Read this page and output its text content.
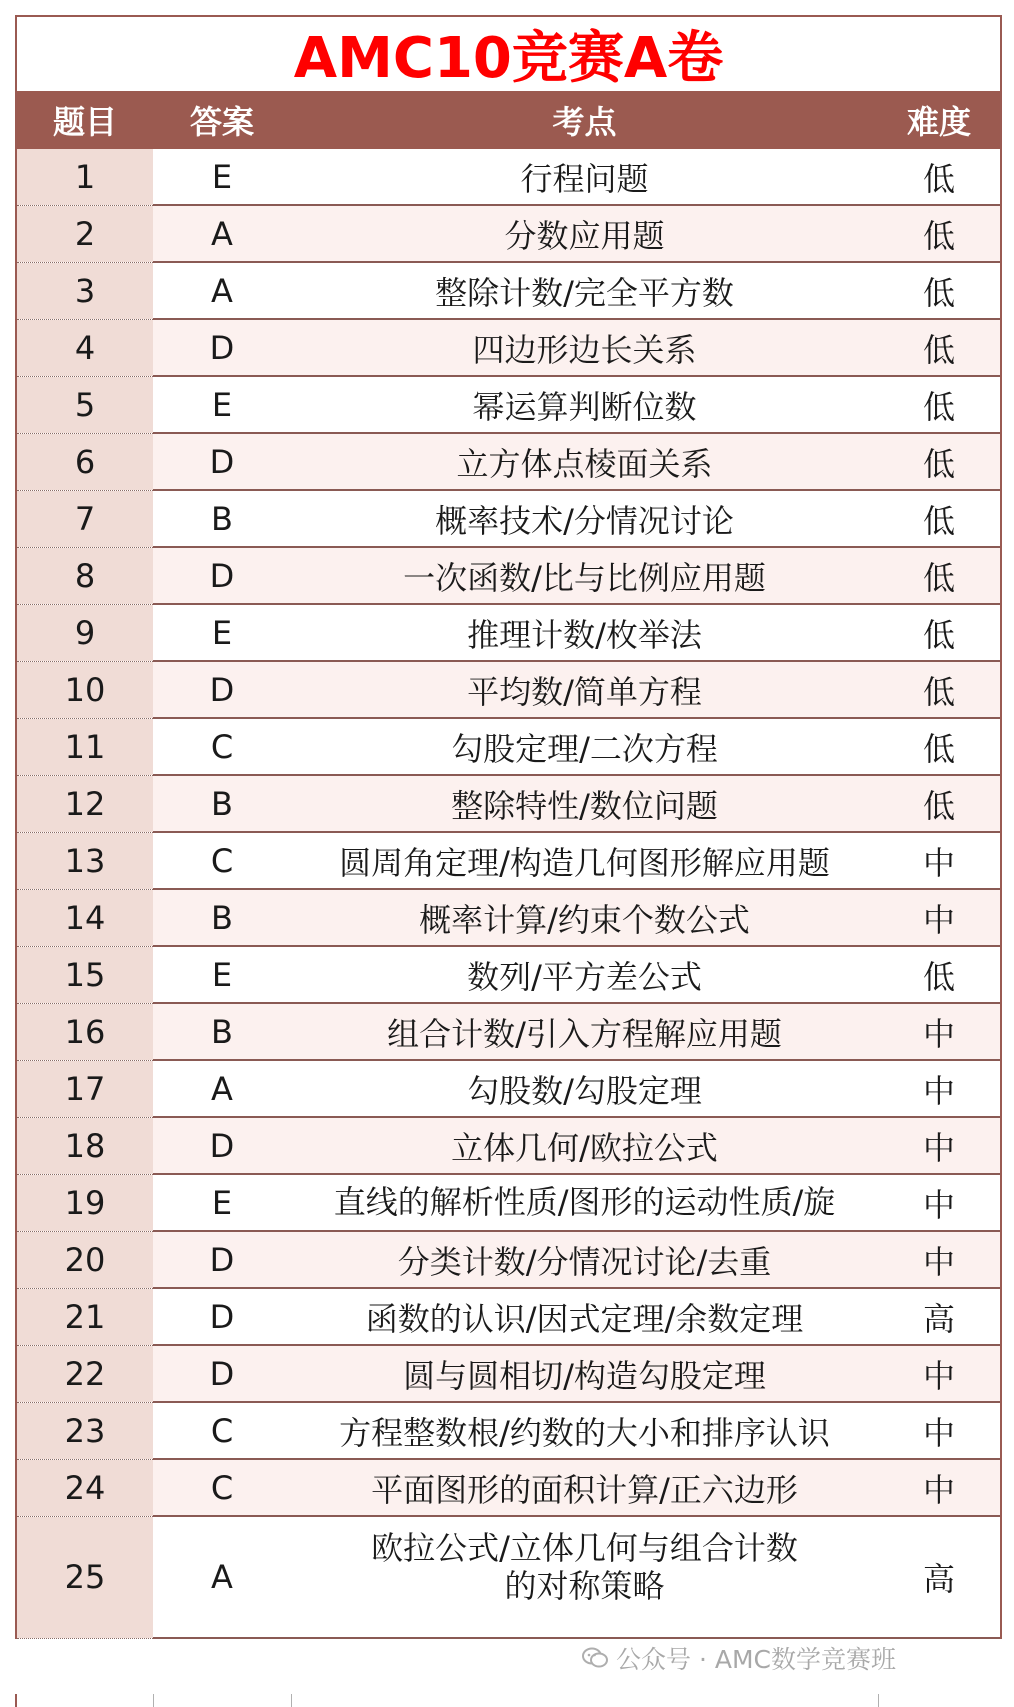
AMC10竞赛A卷
题目	答案	考点	难度
1	E	行程问题	低
2	A	分数应用题	低
3	A	整除计数/完全平方数	低
4	D	四边形边长关系	低
5	E	幂运算判断位数	低
6	D	立方体点棱面关系	低
7	B	概率技术/分情况讨论	低
8	D	一次函数/比与比例应用题	低
9	E	推理计数/枚举法	低
10	D	平均数/简单方程	低
11	C	勾股定理/二次方程	低
12	B	整除特性/数位问题	低
13	C	圆周角定理/构造几何图形解应用题	中
14	B	概率计算/约束个数公式	中
15	E	数列/平方差公式	低
16	B	组合计数/引入方程解应用题	中
17	A	勾股数/勾股定理	中
18	D	立体几何/欧拉公式	中
19	E	直线的解析性质/图形的运动性质/旋	中
20	D	分类计数/分情况讨论/去重	中
21	D	函数的认识/因式定理/余数定理	高
22	D	圆与圆相切/构造勾股定理	中
23	C	方程整数根/约数的大小和排序认识	中
24	C	平面图形的面积计算/正六边形	中
25	A	欧拉公式/立体几何与组合计数的对称策略	高
公众号 · AMC数学竞赛班
